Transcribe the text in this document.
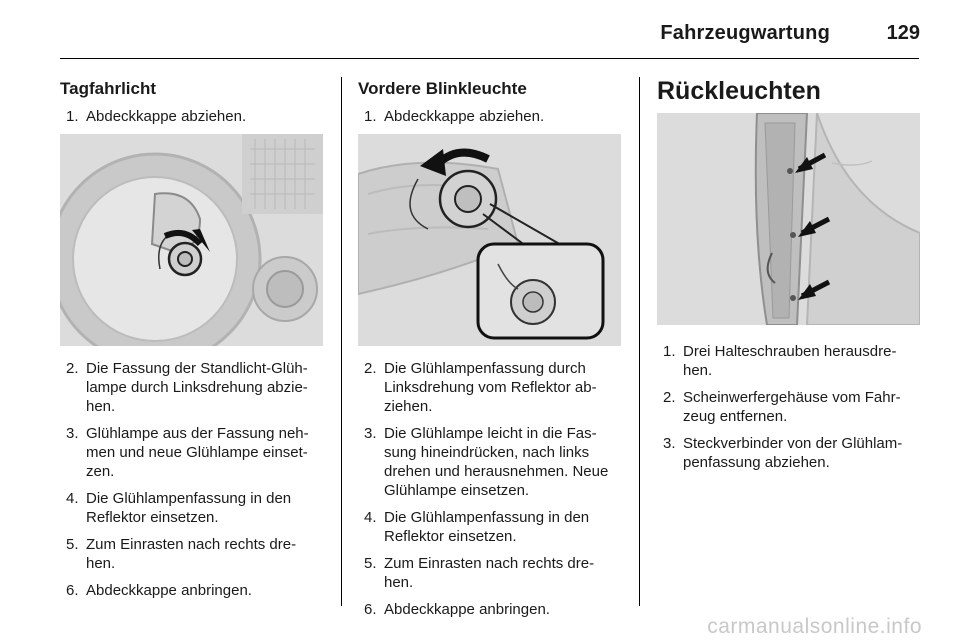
Fahrzeugwartung	129
Tagfahrlicht
1. Abdeckkappe abziehen.
2. Die Fassung der Standlicht-Glüh-lampe durch Linksdrehung abzie-hen.
3. Glühlampe aus der Fassung neh-men und neue Glühlampe einset-zen.
4. Die Glühlampenfassung in den Reflektor einsetzen.
5. Zum Einrasten nach rechts dre-hen.
6. Abdeckkappe anbringen.
Vordere Blinkleuchte
1. Abdeckkappe abziehen.
2. Die Glühlampenfassung durch Linksdrehung vom Reflektor ab-ziehen.
3. Die Glühlampe leicht in die Fas-sung hineindrücken, nach links drehen und herausnehmen. Neue Glühlampe einsetzen.
4. Die Glühlampenfassung in den Reflektor einsetzen.
5. Zum Einrasten nach rechts dre-hen.
6. Abdeckkappe anbringen.
Rückleuchten
1. Drei Halteschrauben herausdre-hen.
2. Scheinwerfergehäuse vom Fahr-zeug entfernen.
3. Steckverbinder von der Glühlam-penfassung abziehen.
carmanualsonline.info
